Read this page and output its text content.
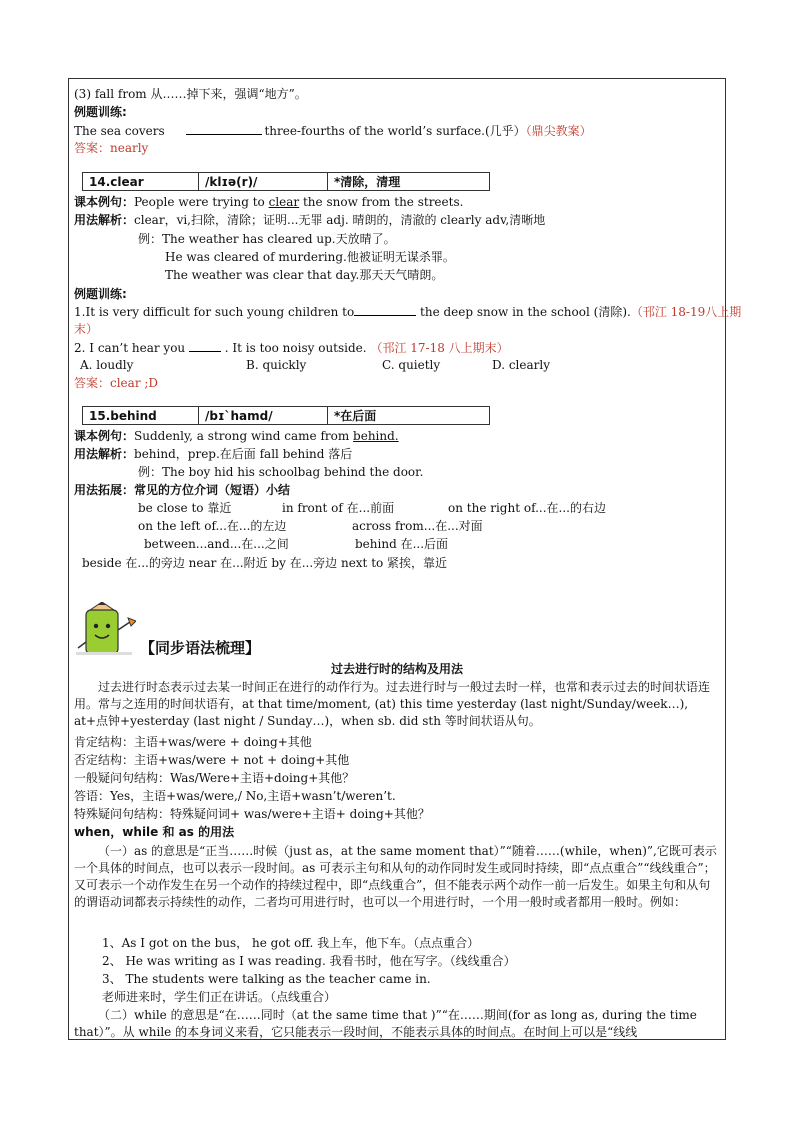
(3) fall from 从……掉下来，强调“地方”。
例题训练:
The sea covers	three-fourths of the world’s surface.(几乎）（鼎尖教案）
答案：nearly
14.clear	/klɪə(r)/	*清除，清理
课本例句：People were trying to clear the snow from the streets.
用法解析：clear，vi,扫除，清除；证明...无罪 adj. 晴朗的，清澈的 clearly adv,清晰地
例：The weather has cleared up.天放晴了。
He was cleared of murdering.他被证明无谋杀罪。
The weather was clear that day.那天天气晴朗。
例题训练:
1.It is very difficult for such young children to	the deep snow in the school (清除).（邗江 18-19八上期
末）
2. I can’t hear you	. It is too noisy outside. （邗江 17-18 八上期末）
A. loudly	B. quickly	C. quietly	D. clearly
答案：clear ;D
15.behind	/bɪˋhamd/	*在后面
课本例句：Suddenly, a strong wind came from behind.
用法解析：behind，prep.在后面 fall behind 落后
例：The boy hid his schoolbag behind the door.
用法拓展：常见的方位介词（短语）小结
be close to 靠近	in front of 在...前面	on the right of...在...的右边
on the left of...在...的左边	across from...在...对面
between...and...在...之间	behind 在...后面
beside 在...的旁边 near 在...附近 by 在...旁边 next to 紧挨，靠近
【同步语法梳理】
过去进行时的结构及用法
过去进行时态表示过去某一时间正在进行的动作行为。过去进行时与一般过去时一样，也常和表示过去的时间状语连用。常与之连用的时间状语有，at that time/moment, (at) this time yesterday (last night/Sunday/week…), at+点钟+yesterday (last night / Sunday…)，when sb. did sth 等时间状语从句。
肯定结构：主语+was/were + doing+其他
否定结构：主语+was/were + not + doing+其他
一般疑问句结构：Was/Were+主语+doing+其他？
答语：Yes，主语+was/were,/ No,主语+wasn’t/weren’t.
特殊疑问句结构：特殊疑问词+ was/were+主语+ doing+其他？
when，while 和 as 的用法
（一）as 的意思是“正当……时候（just as，at the same moment that）”“随着……(while，when)”,它既可表示一个具体的时间点，也可以表示一段时间。as 可表示主句和从句的动作同时发生或同时持续，即“点点重合”“线线重合”；又可表示一个动作发生在另一个动作的持续过程中，即“点线重合”，但不能表示两个动作一前一后发生。如果主句和从句的谓语动词都表示持续性的动作，二者均可用进行时，也可以一个用进行时，一个用一般时或者都用一般时。例如：
1、As I got on the bus， he got off. 我上车，他下车。（点点重合）
2、 He was writing as I was reading. 我看书时，他在写字。（线线重合）
3、 The students were talking as the teacher came in.
老师进来时，学生们正在讲话。（点线重合）
（二）while 的意思是“在……同时（at the same time that )”“在……期间(for as long as, during the time that）”。从 while 的本身词义来看，它只能表示一段时间，不能表示具体的时间点。在时间上可以是“线线
